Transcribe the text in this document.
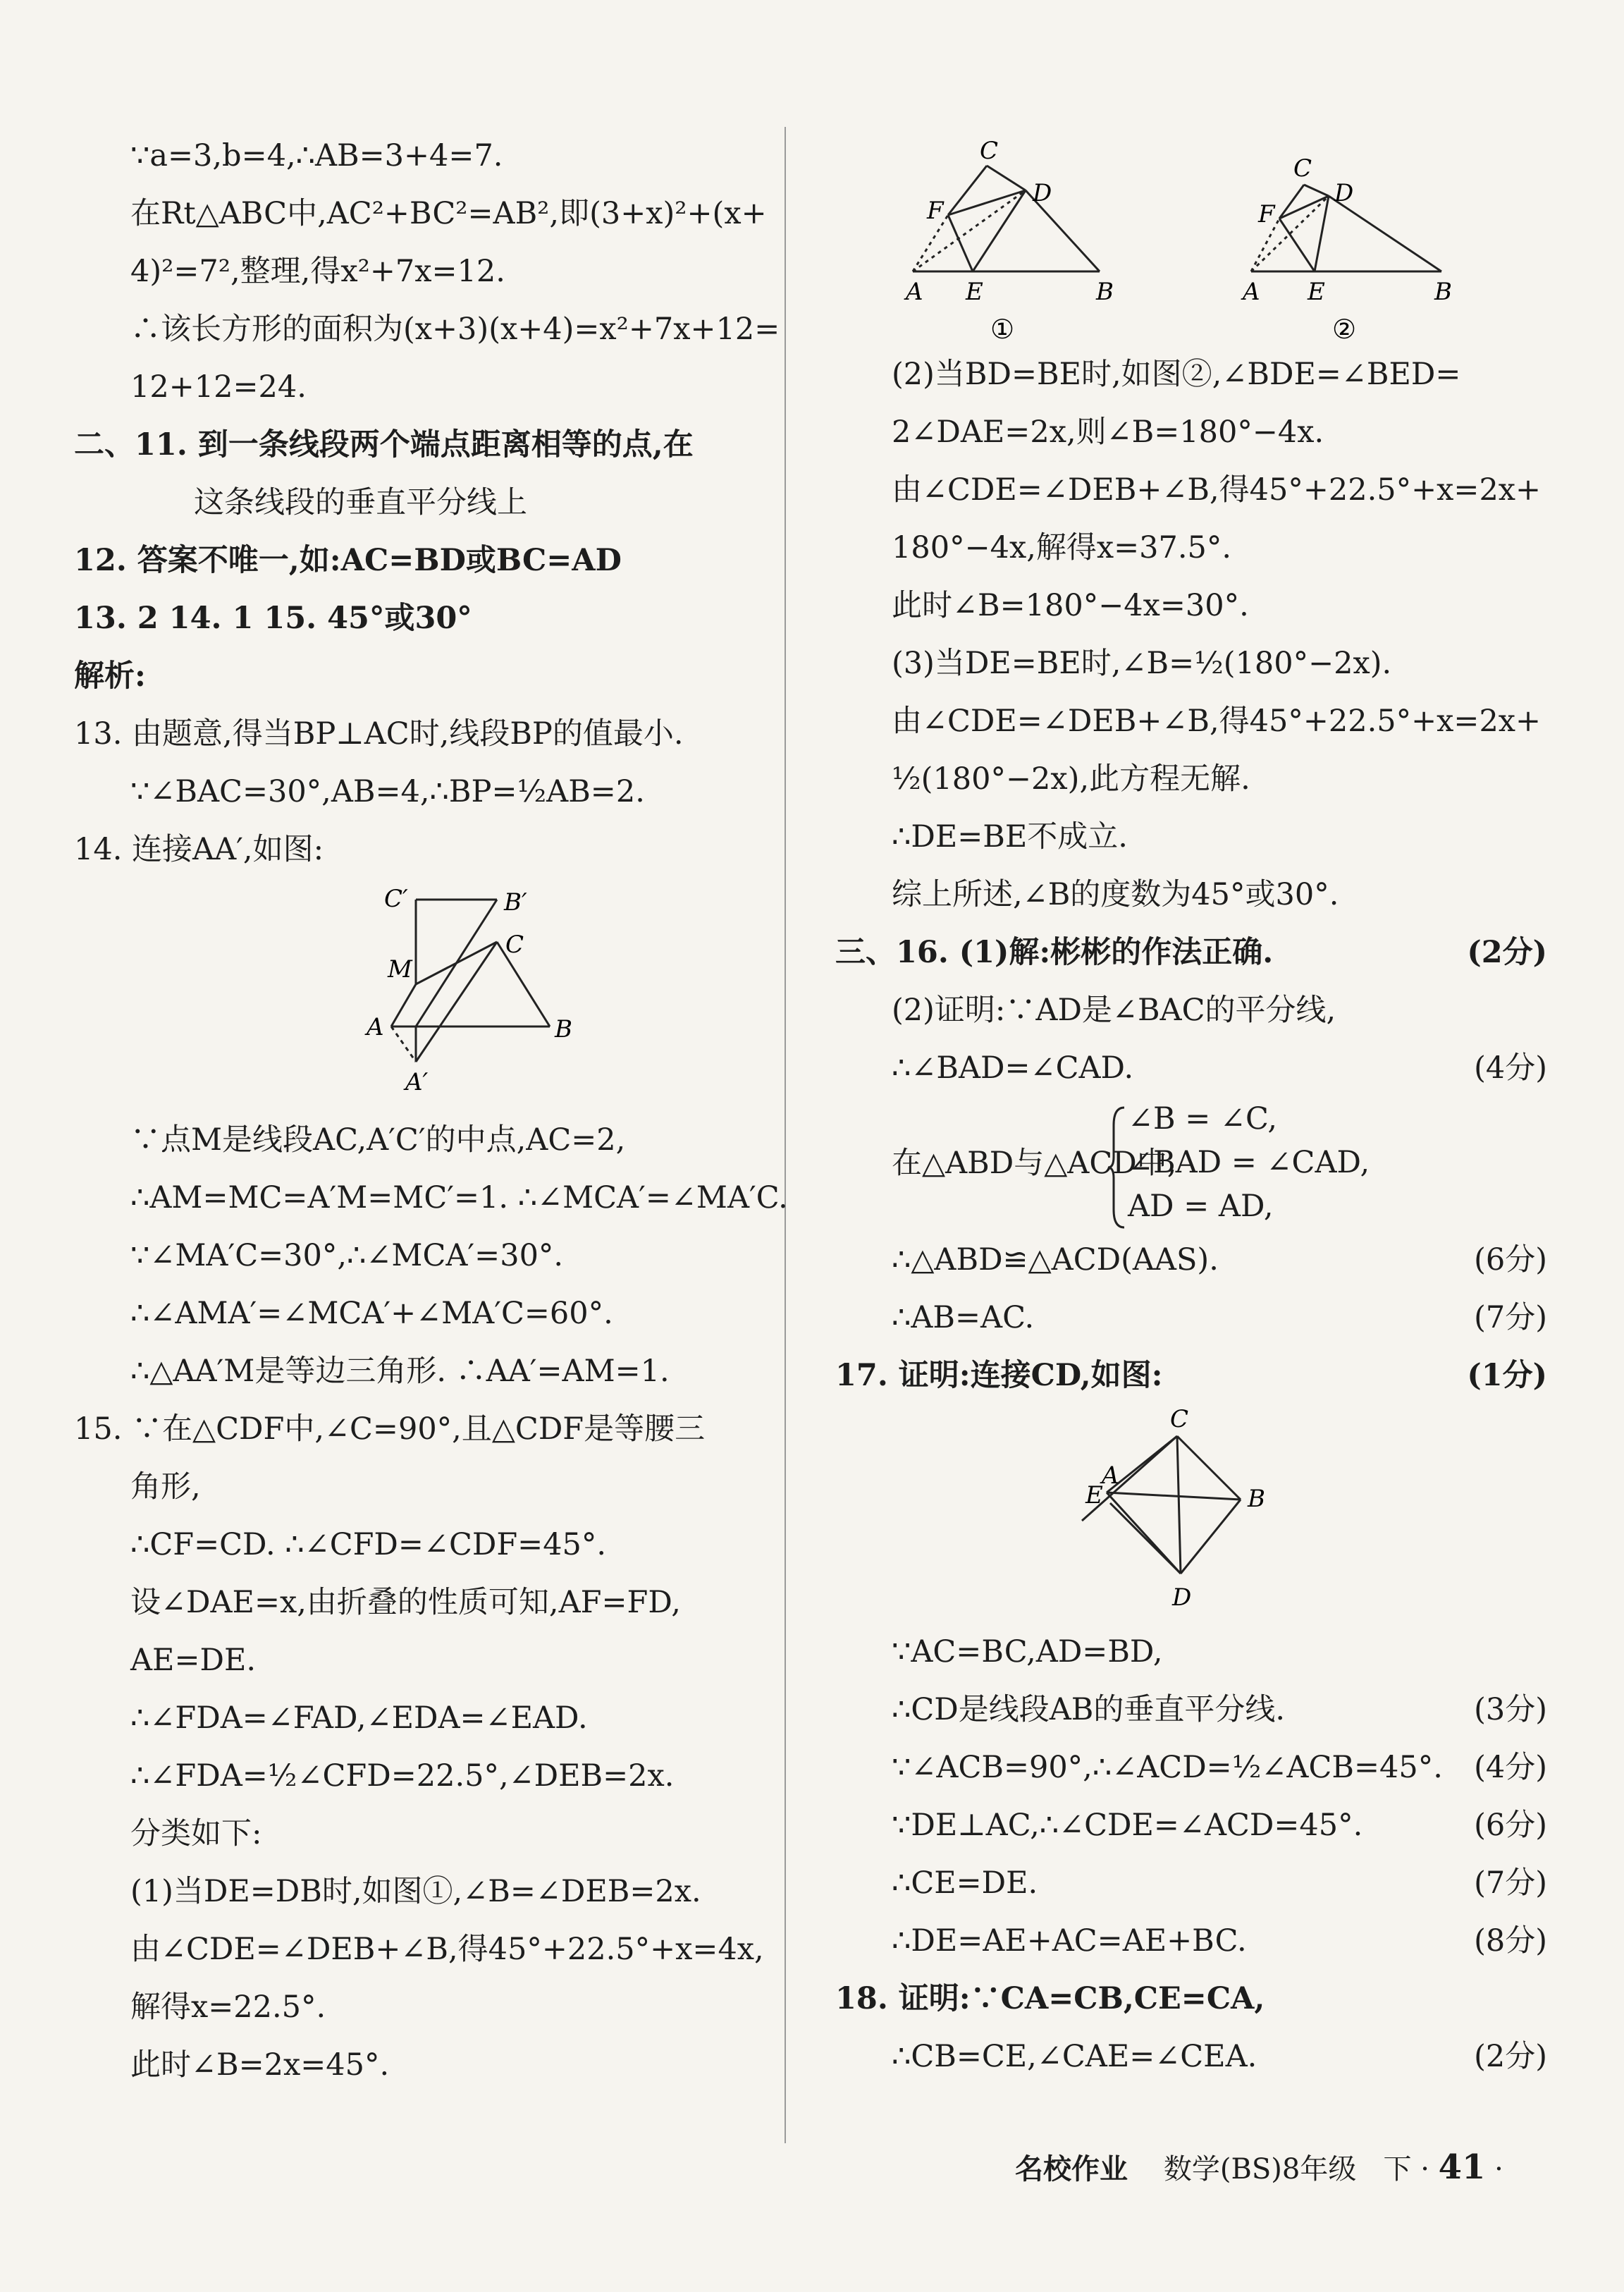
∵a=3,b=4,∴AB=3+4=7.
在Rt△ABC中,AC²+BC²=AB²,即(3+x)²+(x+
4)²=7²,整理,得x²+7x=12.
∴该长方形的面积为(x+3)(x+4)=x²+7x+12=
12+12=24.
二、11. 到一条线段两个端点距离相等的点,在
这条线段的垂直平分线上
12. 答案不唯一,如:AC=BD或BC=AD
13. 2 14. 1 15. 45°或30°
解析:
13. 由题意,得当BP⊥AC时,线段BP的值最小.
∵∠BAC=30°,AB=4,∴BP=½AB=2.
14. 连接AA′,如图:
C′	B′
M
C
A	B
A′
∵点M是线段AC,A′C′的中点,AC=2,
∴AM=MC=A′M=MC′=1. ∴∠MCA′=∠MA′C.
∵∠MA′C=30°,∴∠MCA′=30°.
∴∠AMA′=∠MCA′+∠MA′C=60°.
∴△AA′M是等边三角形. ∴AA′=AM=1.
15. ∵在△CDF中,∠C=90°,且△CDF是等腰三
角形,
∴CF=CD. ∴∠CFD=∠CDF=45°.
设∠DAE=x,由折叠的性质可知,AF=FD,
AE=DE.
∴∠FDA=∠FAD,∠EDA=∠EAD.
∴∠FDA=½∠CFD=22.5°,∠DEB=2x.
分类如下:
(1)当DE=DB时,如图①,∠B=∠DEB=2x.
由∠CDE=∠DEB+∠B,得45°+22.5°+x=4x,
解得x=22.5°.
此时∠B=2x=45°.
C
F
D
A E	B
①
C
F
D
A E	B
②
(2)当BD=BE时,如图②,∠BDE=∠BED=
2∠DAE=2x,则∠B=180°−4x.
由∠CDE=∠DEB+∠B,得45°+22.5°+x=2x+
180°−4x,解得x=37.5°.
此时∠B=180°−4x=30°.
(3)当DE=BE时,∠B=½(180°−2x).
由∠CDE=∠DEB+∠B,得45°+22.5°+x=2x+
½(180°−2x),此方程无解.
∴DE=BE不成立.
综上所述,∠B的度数为45°或30°.
三、16. (1)解:彬彬的作法正确.	(2分)
(2)证明:∵AD是∠BAC的平分线,
∴∠BAD=∠CAD.	(4分)
在△ABD与△ACD中,
∠B = ∠C,
∠BAD = ∠CAD,
AD = AD,
∴△ABD≌△ACD(AAS).	(6分)
∴AB=AC.	(7分)
17. 证明:连接CD,如图:	(1分)
C
A
E	B
D
∵AC=BC,AD=BD,
∴CD是线段AB的垂直平分线.	(3分)
∵∠ACB=90°,∴∠ACD=½∠ACB=45°. (4分)
∵DE⊥AC,∴∠CDE=∠ACD=45°.	(6分)
∴CE=DE.	(7分)
∴DE=AE+AC=AE+BC.	(8分)
18. 证明:∵CA=CB,CE=CA,
∴CB=CE,∠CAE=∠CEA.	(2分)
名校作业 数学(BS)8年级 下 · 41 ·
